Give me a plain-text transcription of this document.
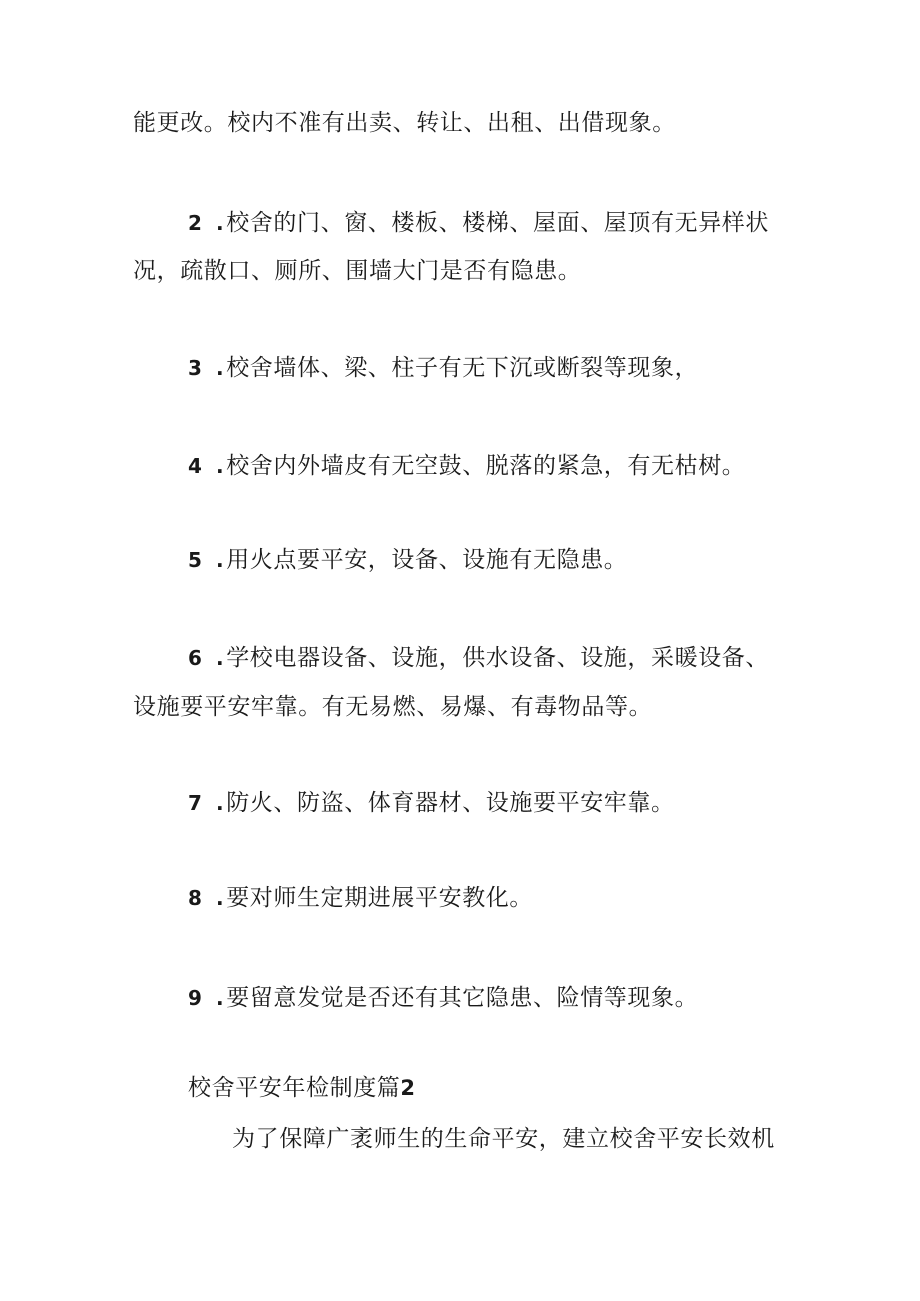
能更改。校内不准有出卖、转让、出租、出借现象。
2 .校舍的门、窗、楼板、楼梯、屋面、屋顶有无异样状
况，疏散口、厕所、围墙大门是否有隐患。
3 .校舍墙体、梁、柱子有无下沉或断裂等现象，
4 .校舍内外墙皮有无空鼓、脱落的紧急，有无枯树。
5 .用火点要平安，设备、设施有无隐患。
6 .学校电器设备、设施，供水设备、设施，采暖设备、
设施要平安牢靠。有无易燃、易爆、有毒物品等。
7 .防火、防盗、体育器材、设施要平安牢靠。
8 .要对师生定期进展平安教化。
9 .要留意发觉是否还有其它隐患、险情等现象。
校舍平安年检制度篇2
为了保障广袤师生的生命平安，建立校舍平安长效机
